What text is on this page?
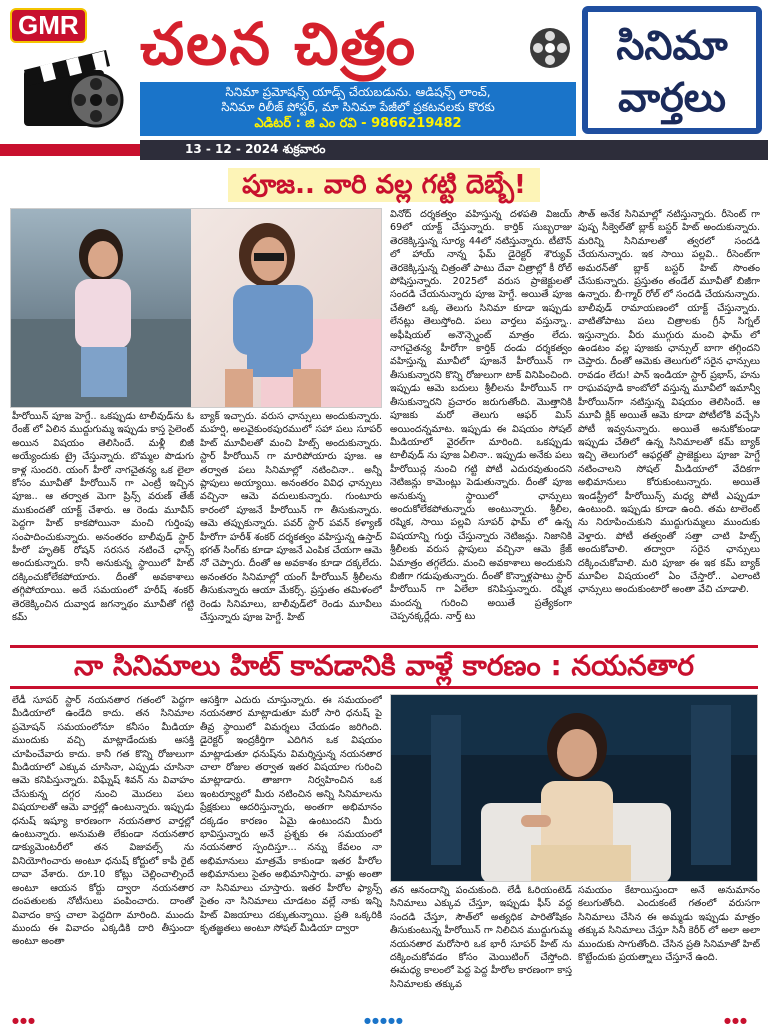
GMR చలన చిత్రం	సినిమా
వార్తలు
సినిమా ప్రమోషన్స్ యాడ్స్ చేయబడును. ఆడిషన్స్ లాంచ్,
సినిమా రిలీజ్ పోస్టర్, మా సినిమా పేజీలో ప్రకటనలకు కొరకు
ఎడిటర్ : జి ఎం రవి - 9866219482
13 - 12 - 2024 శుక్రవారం
పూజ.. వారి వల్ల గట్టి దెబ్బే!
హీరోయిన్ పూజ హెగ్డే.. ఒకప్పుడు టాలీవుడ్‌ను ఓ రేంజ్ లో ఏలిన ముద్దుగుమ్మ ఇప్పుడు కాస్త సైలెంట్ అయిన విషయం తెలిసిందే. మళ్లీ బిజీ అయ్యేందుకు ట్రై చేస్తున్నారు. బొమ్మల పొడుగు కాళ్ల సుందరి. యంగ్ హీరో నాగచైతన్య ఒక లైలా కోసం మూవీతో హీరోయిన్ గా ఎంట్రీ ఇచ్చిన పూజ.. ఆ తర్వాత మెగా ప్రిన్స్ వరుణ్ తేజ్ ముకుందతో యాక్ట్ చేశారు. ఆ రెండు మూవీస్ పెద్దగా హిట్ కాకపోయినా మంచి గుర్తింపు సంపాదించుకున్నారు. అనంతరం బాలీవుడ్ స్టార్ హీరో హృతిక్ రోషన్ సరసన నటించే ఛాన్స్ అందుకున్నారు. కానీ అనుకున్న స్థాయిలో హిట్ దక్కించుకోలేకపోయారు. దీంతో అవకాశాలు తగ్గిపోయాయి. అదే సమయంలో హరీష్ శంకర్ తెరకెక్కించిన దువ్వాడ జగన్నాథం మూవీతో గట్టి కమ్
బ్యాక్ ఇచ్చారు. వరుస ఛాన్సులు అందుకున్నారు. మహర్షి, అలవైకుంఠపురములో సహా పలు సూపర్ హిట్ మూవీలతో మంచి హిట్స్ అందుకున్నారు. స్టార్ హీరోయిన్ గా మారిపోయారు పూజ. ఆ తర్వాత పలు సినిమాల్లో నటించినా.. అన్నీ ప్లాపులు అయ్యాయి. అనంతరం వివిధ ఛాన్సులు వచ్చినా ఆమె వదులుకున్నారు. గుంటూరు కారంలో పూజనే హీరోయిన్ గా తీసుకున్నారు. ఆమె తప్పుకున్నారు. పవర్ స్టార్ పవన్ కళ్యాణ్ హీరోగా హరీశ్ శంకర్ దర్శకత్వం వహిస్తున్న ఉస్తాద్ భగత్ సింగ్‌కు కూడా పూజనే ఎంపిక చేయగా ఆమె నో చెప్పారు. దీంతో ఆ అవకాశం కూడా దక్కలేదు. అనంతరం సినిమాల్లో యంగ్ హీరోయిన్ శ్రీలీలను తీసుకున్నారు ఆయా మేకర్స్. ప్రస్తుతం తమిళంలో రెండు సినిమాలు, బాలీవుడ్‌లో రెండు మూవీలు చేస్తున్నారు పూజ హెగ్డే. హిట్
వినోద్ దర్శకత్వం వహిస్తున్న దళపతి విజయ్ 69లో యాక్ట్ చేస్తున్నారు. కార్తిక్ సుబ్బరాజు తెరకెక్కిస్తున్న సూర్య 44లో నటిస్తున్నారు. టీటౌన్ లో హాయ్ నాన్న ఫేమ్ డైరెక్టర్ శౌర్యువ్ తెరకెక్కిస్తున్న చిత్రంతో పాటు దేవా చిత్రాల్లో కీ రోల్ పోషిస్తున్నారు. 2025లో వరుస ప్రాజెక్టులతో సందడి చేయనున్నారు పూజ హెగ్డే. అయితే పూజ చేతిలో ఒక్క తెలుగు సినిమా కూడా ఇప్పుడు లేనట్లు తెలుస్తోంది. పలు వార్తలు వస్తున్నా.. అఫీషియల్ అనౌన్స్మెంట్ మాత్రం లేదు. నాగచైతన్య హీరోగా కార్తిక్ దండు దర్శకత్వం వహిస్తున్న మూవీలో పూజనే హీరోయిన్ గా తీసుకున్నారని కొన్ని రోజులుగా టాక్ వినిపించింది. ఇప్పుడు ఆమె బదులు శ్రీలీలను హీరోయిన్ గా తీసుకున్నారని ప్రచారం జరుగుతోంది. మొత్తానికి పూజకు మరో తెలుగు ఆఫర్ మిస్ అయిందన్నమాట. ఇప్పుడు ఈ విషయం సోషల్ మీడియాలో వైరల్‌గా మారింది. ఒకప్పుడు టాలీవుడ్ ను పూజ ఏలినా.. ఇప్పుడు అనేకు పలు హీరోయిన్ల నుంచి గట్టి పోటీ ఎదురవుతుందని నెటిజన్లు కామెంట్లు పెడుతున్నారు. దీంతో పూజ అనుకున్న స్థాయిలో ఛాన్సులు అందుకోలేకపోతున్నారు అంటున్నారు. శ్రీలీల, రష్మిక, సాయి పల్లవి సూపర్ ఫామ్ లో ఉన్న విషయాన్ని గుర్తు చేస్తున్నారు నెటిజన్లు. నిజానికి శ్రీలీలకు వరుస ప్లాపులు వచ్చినా ఆమె క్రేజ్ ఏమాత్రం తగ్గలేదు. మంచి అవకాశాలు అందుకుని బిజీగా గడుపుతున్నారు. దీంతో కొన్నాళ్లపాటు స్టార్ హీరోయిన్ గా ఏలేలా కనిపిస్తున్నారు. రష్మిక మందన్న గురించి అయితే ప్రత్యేకంగా చెప్పనక్కర్లేదు. నార్త్ టు
సౌత్ అనేక సినిమాల్లో నటిస్తున్నారు. రీసెంట్ గా పుష్ప సీక్వెల్‌తో బ్లాక్ బస్టర్ హిట్ అందుకున్నారు. మరిన్ని సినిమాలతో త్వరలో సందడి చేయనున్నారు. ఇక సాయి పల్లవి.. రీసెంట్‌గా అమరన్‌తో బ్లాక్ బస్టర్ హిట్ సొంతం చేసుకున్నారు. ప్రస్తుతం తండేల్ మూవీతో బిజీగా ఉన్నారు. బీ-గ్మార్ రోల్ లో సందడి చేయనున్నారు. బాలీవుడ్ రామాయణంలో యాక్ట్ చేస్తున్నారు. వాటితోపాటు పలు చిత్రాలకు గ్రీన్ సిగ్నల్ ఇస్తున్నారు. వీరు ముగ్గురు మంచి ఫామ్ లో ఉండటం వల్ల పూజకు ఛాన్సుల్ బాగా తగ్గిందని చెప్తారు. దీంతో ఆమెకు తెలుగులో సరైన ఛాన్సులు రావడం లేదు! పాన్ ఇండియా స్టార్ ప్రభాస్, హను రాఘవపూడి కాంబోలో వస్తున్న మూవీలో ఇమాన్వీ హీరోయిన్‌గా నటిస్తున్న విషయం తెలిసిందే. ఆ మూవీ క్లిక్ అయితే ఆమె కూడా పోటీలోకి వచ్చేసి పోటీ ఇవ్వనున్నారు. అయితే అనుకోకుండా ఇప్పుడు చేతిలో ఉన్న సినిమాలతో కమ్ బ్యాక్ ఇచ్చి తెలుగులో ఆఫర్లతో ప్రాజెక్టులు పూజా హెగ్డే నటించాలని సోషల్ మీడియాలో వేదికగా అభిమానులు కోరుకుంటున్నారు. అయితే ఇండస్ట్రీలో హీరోయిన్స్ మధ్య పోటీ ఎప్పుడూ ఉంటుంది. ఇప్పుడు కూడా ఉంది. తమ టాలెంట్ ను నిరూపించుకుని ముద్దుగుమ్మలు ముందుకు వెళ్తారు. పోటీ తత్వంతో సత్తా చాటి హిట్స్ అందుకోవాలి. తద్వారా సరైన ఛాన్సులు దక్కించుకోవాలి. మరి పూజా ఈ ఇక కమ్ బ్యాక్ మూవీల విషయంలో ఏం చేస్తారో.. ఎలాంటి ఛాన్సులు అందుకుంటారో అంతా వేచి చూడాలి.
నా సినిమాలు హిట్ కావడానికి వాళ్లే కారణం : నయనతార
లేడీ సూపర్ స్టార్ నయనతార గతంలో పెద్దగా మీడియాలో ఉండేది కాదు. తన సినిమాల ప్రమోషన్ సమయంలోనూ కనీసం మీడియా ముందుకు వచ్చి మాట్లాడేందుకు ఆసక్తి చూపించేవారు కాదు. కానీ గత కొన్ని రోజులుగా మీడియాలో ఎక్కువ చూసినా, ఎప్పుడు చూసినా ఆమె కనిపిస్తున్నారు. విఘ్నేష్ శివన్ ను వివాహం చేసుకున్న దగ్గర నుంచి మొదలు పలు విషయాలతో ఆమె వార్తల్లో ఉంటున్నారు. ఇప్పుడు ధనుష్ ఇష్యూ కారణంగా నయనతార వార్తల్లో ఉంటున్నారు. అనుమతి లేకుండా నయనతార డాక్యుమెంటరీలో తన విజువల్స్ ను వినియోగించారు అంటూ ధనుష్ కోర్టులో కాపీ రైట్ దావా వేశారు. రూ.10 కోట్లు చెల్లించాల్సిందే అంటూ ఆయన కోర్టు ద్వారా నయనతార దంపతులకు నోటీసులు పంపించారు. దాంతో వివాదం కాస్త చాలా పెద్దదిగా మారింది. ముందు ముందు ఈ వివాదం ఎక్కడికి దారి తీస్తుందా అంటూ అంతా
ఆసక్తిగా ఎదురు చూస్తున్నారు. ఈ సమయంలో నయనతార మాట్లాడుతూ మరో సారి ధనుష్ పై తీవ్ర స్థాయిలో విమర్శలు చేయడం జరిగింది. డైరెక్టర్ ఇంద్రకీర్తిగా ఎదిగిన ఒక విషయం మాట్లాడుతూ ధనుష్‌ను విమర్శిస్తున్న నయనతార చాలా రోజుల తర్వాత ఇతర విషయాల గురించి మాట్లాడారు. తాజాగా నిర్వహించిన ఒక ఇంటర్వ్యూలో మీరు నటించిన అన్ని సినిమాలను ప్రేక్షకులు ఆదరిస్తున్నారు, అంతగా అభిమానం దక్కడం కారణం ఏమై ఉంటుందని మీరు భావిస్తున్నారు అనే ప్రశ్నకు ఈ సమయంలో నయనతార స్పందిస్తూ... నన్ను కేవలం నా అభిమానులు మాత్రమే కాకుండా ఇతర హీరోల అభిమానులు సైతం అభిమానిస్తారు. వాళ్లు అంతా నా సినిమాలు చూస్తారు. ఇతర హీరోల ఫ్యాన్స్ సైతం నా సినిమాలు చూడటం వల్లే నాకు ఇన్ని హిట్ విజయాలు దక్కుతున్నాయి. ప్రతి ఒక్కరికి కృతజ్ఞతలు అంటూ సోషల్ మీడియా ద్వారా
తన ఆనందాన్ని పంచుకుంది. లేడీ ఓరియంటెడ్ సినిమాలు ఎక్కువ చేస్తూ, ఇప్పుడు ఫీస్ వద్ద సందడి చేస్తూ, సౌత్‌లో అత్యధిక పారితోషికం తీసుకుంటున్న హీరోయిన్ గా నిలిచిన ముద్దుగుమ్మ నయనతార మరోసారి ఒక భారీ సూపర్ హిట్ ను దక్కించుకోవడం కోసం మెయిటింగ్ చేస్తోంది. ఈమధ్య కాలంలో పెద్ద పెద్ద హీరోల కారణంగా కాస్త సినిమాలకు తక్కువ
సమయం కేటాయిస్తుందా అనే అనుమానం కలుగుతోంది. ఎందుకంటే గతంలో వరుసగా సినిమాలు చేసిన ఈ అమ్మడు ఇప్పుడు మాత్రం తక్కువ సినిమాలు చేస్తూ సినీ కెరీర్ లో అలా అలా ముందుకు సాగుతోంది. చేసిన ప్రతి సినిమాతో హిట్ కొట్టేందుకు ప్రయత్నాలు చేస్తూనే ఉంది.
●●●	●●●●●	●●●
